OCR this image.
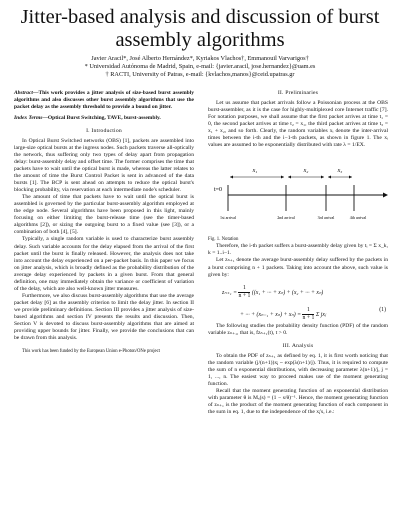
Jitter-based analysis and discussion of burst assembly algorithms
Javier Aracil*, José Alberto Hernández*, Kyriakos Vlachos†, Emmanouil Varvarigos†
* Universidad Autónoma de Madrid, Spain, e-mail: {javier.aracil, jose.hernandez}@uam.es
† RACTI, University of Patras, e-mail: {kvlachos,manos}@ceid.upatras.gr
Abstract—This work provides a jitter analysis of size-based burst assembly algorithms and also discusses other burst assembly algorithms that use the packet delay as the assembly threshold to provide a bound on jitter.
Index Terms—Optical Burst Switching, TAVE, burst-assembly.
I. Introduction

In Optical Burst Switched networks (OBS) [1], packets are assembled into large-size optical bursts at the ingress nodes. Such packets traverse all-optically the network, thus suffering only two types of delay apart from propagation delay: burst-assembly delay and offset time. The former comprises the time that packets have to wait until the optical burst is made, whereas the latter relates to the amount of time the Burst Control Packet is sent in advanced of the data bursts [1]. The BCP is sent ahead on attempts to reduce the optical burst's blocking probability, via reservation at each intermediate node's scheduler.

The amount of time that packets have to wait until the optical burst is assembled is governed by the particular burst-assembly algorithm employed at the edge node. Several algorithms have been proposed in this light, mainly focusing on either limiting the burst-release time (see the timer-based algorithms [2]), or sizing the outgoing burst to a fixed value (see [3]), or a combination of both [4], [5].

Typically, a single random variable is used to characterize burst assembly delay. Such variable accounts for the delay elapsed from the arrival of the first packet until the burst is finally released. However, the analysis does not take into account the delay experienced on a per-packet basis. In this paper we focus on jitter analysis, which is broadly defined as the probability distribution of the average delay experienced by packets in a given burst. From that general definition, one may immediately obtain the variance or coefficient of variation of the delay, which are also well-known jitter measures.

Furthermore, we also discuss burst-assembly algorithms that use the average packet delay [6] as the assembly criterion to limit the delay jitter. In section II we provide preliminary definitions. Section III provides a jitter analysis of size-based algorithms and section IV presents the results and discussion. Then, Section V is devoted to discuss burst-assembly algorithms that are aimed at providing upper bounds for jitter. Finally, we provide the conclusions that can be drawn from this analysis.

This work has been funded by the European Union e-Photon/ONe project
II. Preliminaries

Let us assume that packet arrivals follow a Poissonian process at the OBS burst-assembler, as it is the case for highly-multiplexed core Internet traffic [7]. For notation purposes, we shall assume that the first packet arrives at time t₁ = 0, the second packet arrives at time t₂ = x₁, the third packet arrives at time t₃ = x₁ + x₂, and so forth. Clearly, the random variables xᵢ denote the inter-arrival times between the i-th and the i−1-th packets, as shown in figure 1. The xᵢ values are assumed to be exponentially distributed with rate λ = 1/EX.

t=0
x₁	x₂	x₃
1st arrival	2nd arrival	3rd arrival	4th arrival
Fig. 1. Notation

Therefore, the i-th packet suffers a burst-assembly delay given by tᵢ = Σ x_k, k = 1..i−1.

Let zₙ₊₁ denote the average burst-assembly delay suffered by the packets in a burst comprising n + 1 packets. Taking into account the above, such value is given by:

$z_{n+1} = \frac{1}{n + 1} ((x_1$ + ··· + xₙ) + (x₂ + ··· + xₙ)
+ ··· + $(x_{n-1} + x_n) + x_n) = \frac{1}{n + 1}$ Σ jxⱼ
(1)

The following studies the probability density function (PDF) of the random variable zₙ₊₁, that is, fzₙ₊₁(t), t > 0.

III. Analysis

To obtain the PDF of zₙ₊₁ as defined by eq. 1, it is first worth noticing that the random variable (j/(n+1))xⱼ ~ exp(λ(n+1)/j). Thus, it is required to compute the sum of n exponential distributions, with decreasing parameter λ(n+1)/j, j = 1, ..., n. The easiest way to proceed makes use of the moment generating function.

Recall that the moment generating function of an exponential distribution with parameter θ is Mₓ(s) = (1 − s/θ)⁻¹. Hence, the moment generating function of zₙ₊₁ is the product of the moment generating function of each component in the sum in eq. 1, due to the independence of the xⱼ's, i.e.:
